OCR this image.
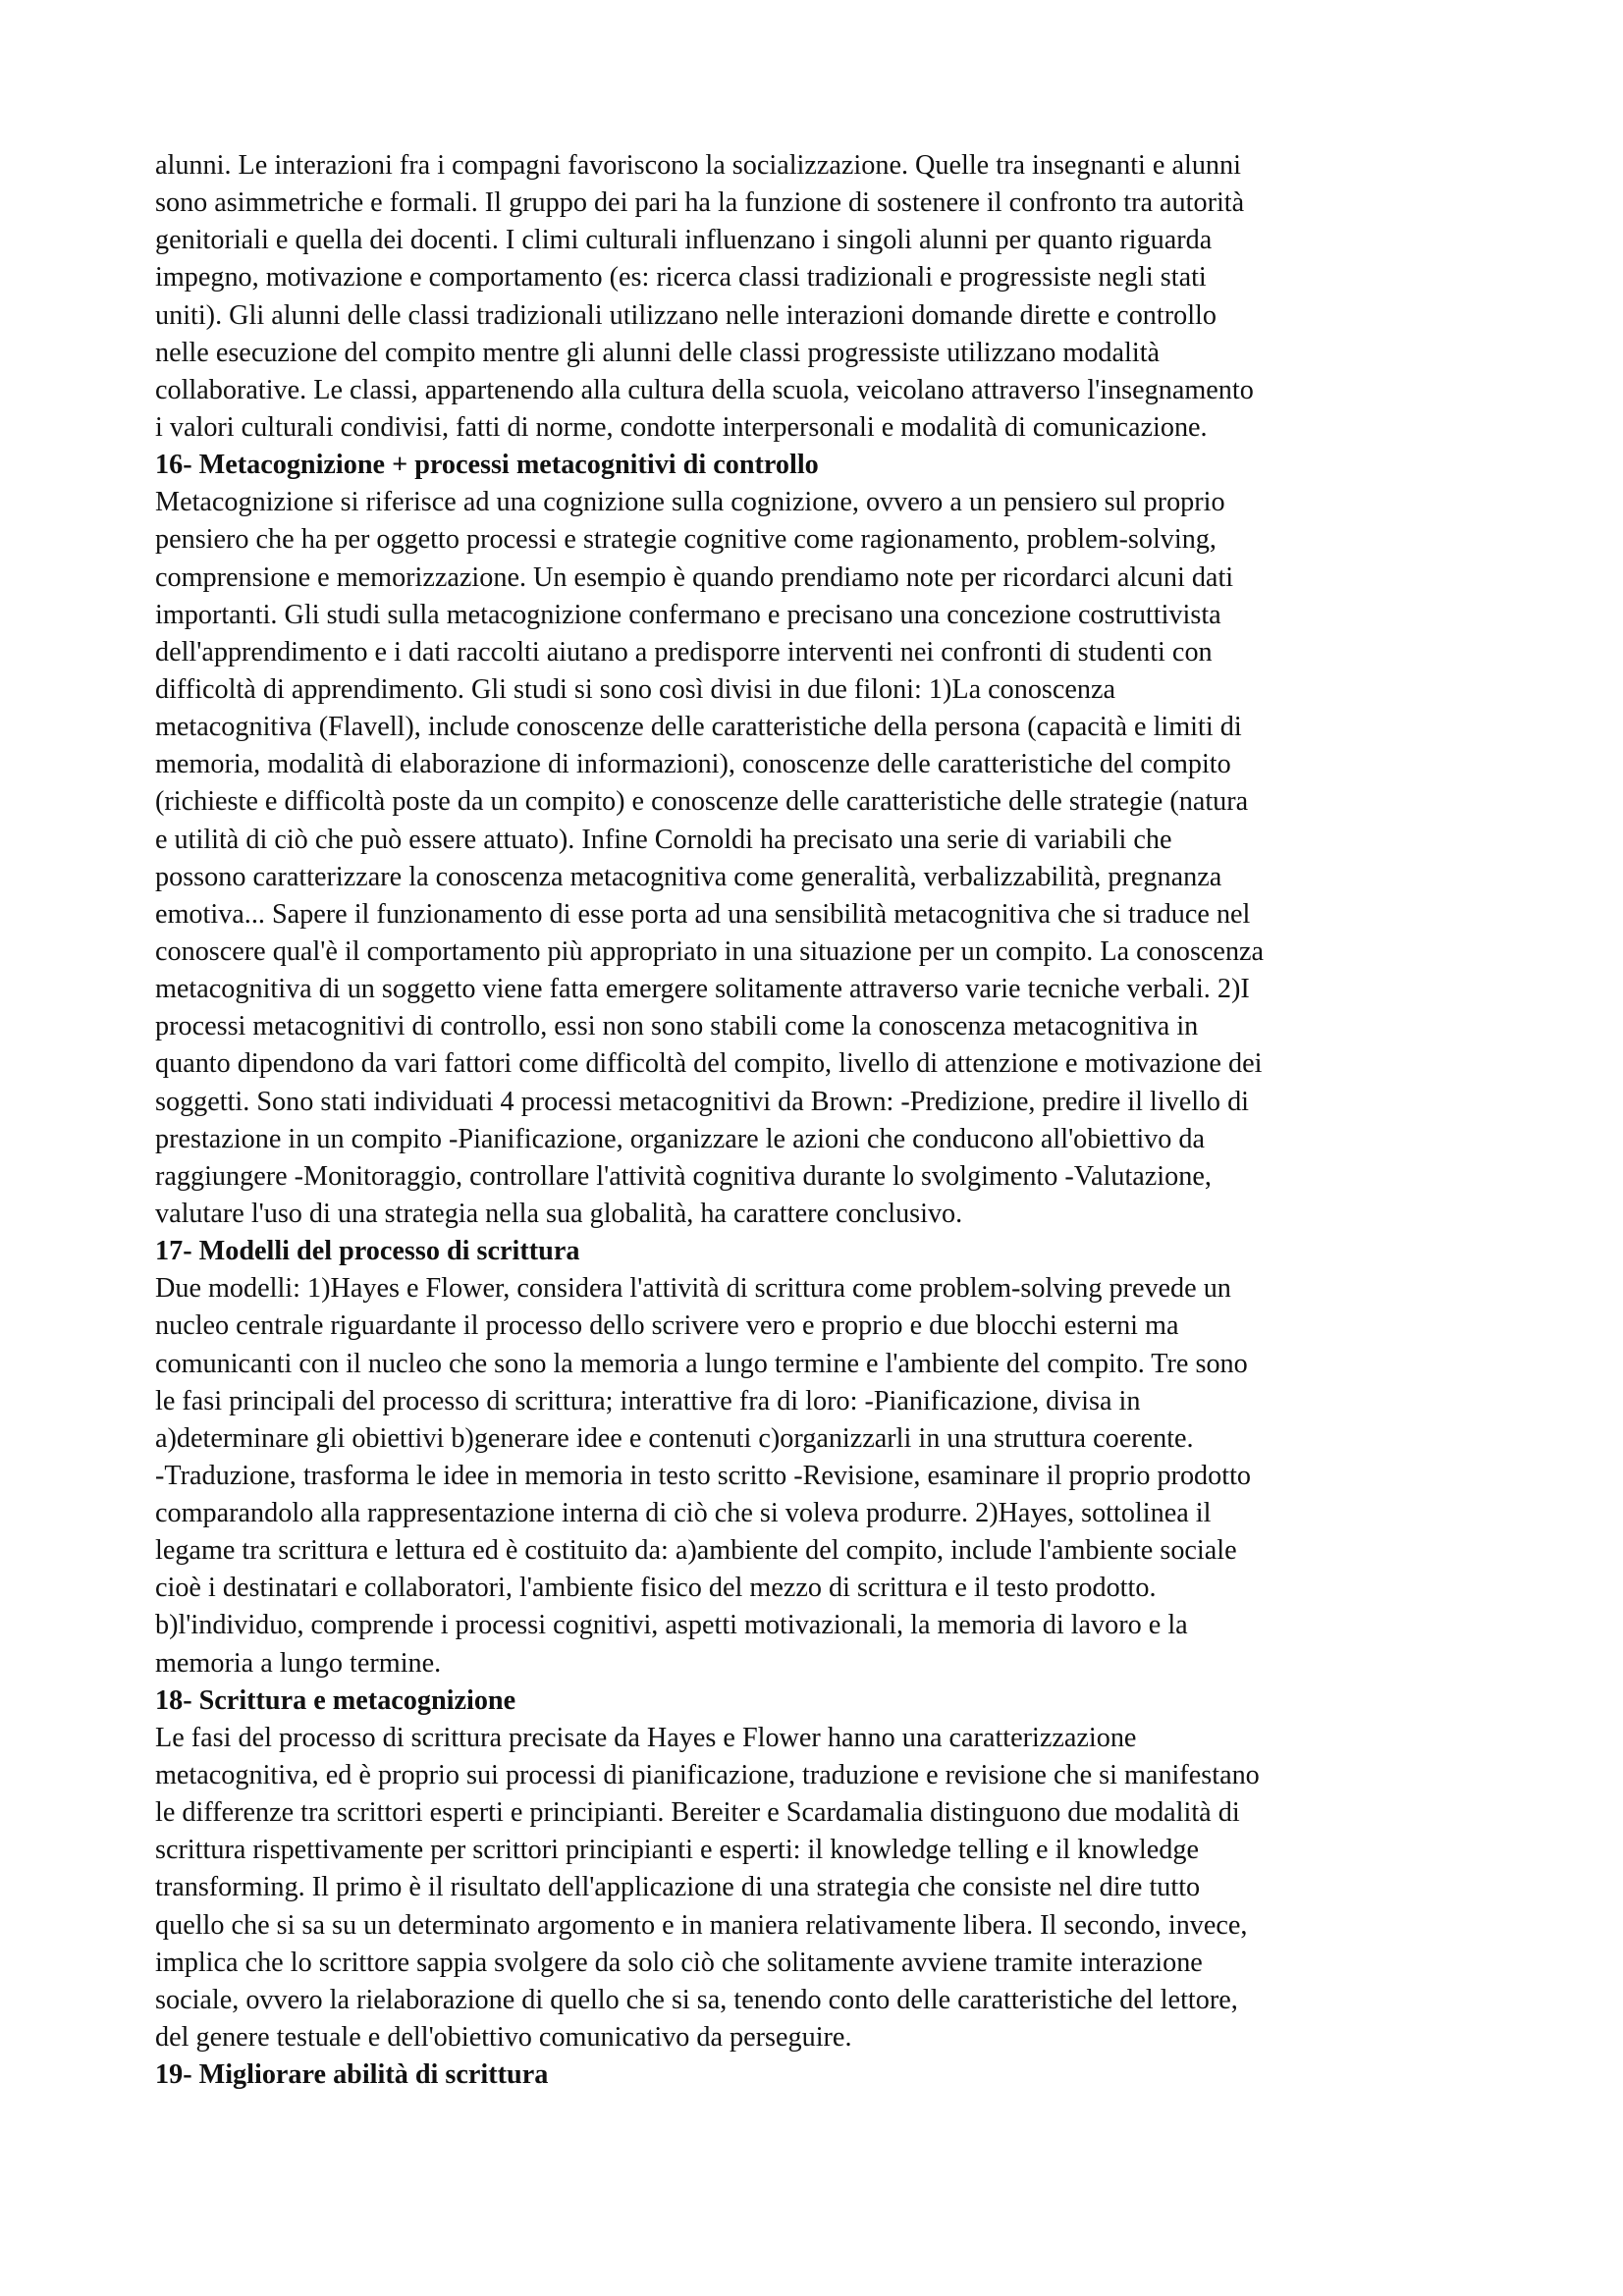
alunni. Le interazioni fra i compagni favoriscono la socializzazione. Quelle tra insegnanti e alunni
sono asimmetriche e formali. Il gruppo dei pari ha la funzione di sostenere il confronto tra autorità
genitoriali e quella dei docenti. I climi culturali influenzano i singoli alunni per quanto riguarda
impegno, motivazione e comportamento (es: ricerca classi tradizionali e progressiste negli stati
uniti). Gli alunni delle classi tradizionali utilizzano nelle interazioni domande dirette e controllo
nelle esecuzione del compito mentre gli alunni delle classi progressiste utilizzano modalità
collaborative. Le classi, appartenendo alla cultura della scuola, veicolano attraverso l'insegnamento
i valori culturali condivisi, fatti di norme, condotte interpersonali e modalità di comunicazione.
16- Metacognizione + processi metacognitivi di controllo
Metacognizione si riferisce ad una cognizione sulla cognizione, ovvero a un pensiero sul proprio
pensiero che ha per oggetto processi e strategie cognitive come ragionamento, problem-solving,
comprensione e memorizzazione. Un esempio è quando prendiamo note per ricordarci alcuni dati
importanti. Gli studi sulla metacognizione confermano e precisano una concezione costruttivista
dell'apprendimento e i dati raccolti aiutano a predisporre interventi nei confronti di studenti con
difficoltà di apprendimento. Gli studi si sono così divisi in due filoni: 1)La conoscenza
metacognitiva (Flavell), include conoscenze delle caratteristiche della persona (capacità e limiti di
memoria, modalità di elaborazione di informazioni), conoscenze delle caratteristiche del compito
(richieste e difficoltà poste da un compito) e conoscenze delle caratteristiche delle strategie (natura
e utilità di ciò che può essere attuato). Infine Cornoldi ha precisato una serie di variabili che
possono caratterizzare la conoscenza metacognitiva come generalità, verbalizzabilità, pregnanza
emotiva... Sapere il funzionamento di esse porta ad una sensibilità metacognitiva che si traduce nel
conoscere qual'è il comportamento più appropriato in una situazione per un compito. La conoscenza
metacognitiva di un soggetto viene fatta emergere solitamente attraverso varie tecniche verbali. 2)I
processi metacognitivi di controllo, essi non sono stabili come la conoscenza metacognitiva in
quanto dipendono da vari fattori come difficoltà del compito, livello di attenzione e motivazione dei
soggetti. Sono stati individuati 4 processi metacognitivi da Brown: -Predizione, predire il livello di
prestazione in un compito -Pianificazione, organizzare le azioni che conducono all'obiettivo da
raggiungere -Monitoraggio, controllare l'attività cognitiva durante lo svolgimento -Valutazione,
valutare l'uso di una strategia nella sua globalità, ha carattere conclusivo.
17- Modelli del processo di scrittura
Due modelli: 1)Hayes e Flower, considera l'attività di scrittura come problem-solving prevede un
nucleo centrale riguardante il processo dello scrivere vero e proprio e due blocchi esterni ma
comunicanti con il nucleo che sono la memoria a lungo termine e l'ambiente del compito. Tre sono
le fasi principali del processo di scrittura; interattive fra di loro: -Pianificazione, divisa in
a)determinare gli obiettivi b)generare idee e contenuti c)organizzarli in una struttura coerente.
-Traduzione, trasforma le idee in memoria in testo scritto -Revisione, esaminare il proprio prodotto
comparandolo alla rappresentazione interna di ciò che si voleva produrre. 2)Hayes, sottolinea il
legame tra scrittura e lettura ed è costituito da: a)ambiente del compito, include l'ambiente sociale
cioè i destinatari e collaboratori, l'ambiente fisico del mezzo di scrittura e il testo prodotto.
b)l'individuo, comprende i processi cognitivi, aspetti motivazionali, la memoria di lavoro e la
memoria a lungo termine.
18- Scrittura e metacognizione
Le fasi del processo di scrittura precisate da Hayes e Flower hanno una caratterizzazione
metacognitiva, ed è proprio sui processi di pianificazione, traduzione e revisione che si manifestano
le differenze tra scrittori esperti e principianti. Bereiter e Scardamalia distinguono due modalità di
scrittura rispettivamente per scrittori principianti e esperti: il knowledge telling e il knowledge
transforming. Il primo è il risultato dell'applicazione di una strategia che consiste nel dire tutto
quello che si sa su un determinato argomento e in maniera relativamente libera. Il secondo, invece,
implica che lo scrittore sappia svolgere da solo ciò che solitamente avviene tramite interazione
sociale, ovvero la rielaborazione di quello che si sa, tenendo conto delle caratteristiche del lettore,
del genere testuale e dell'obiettivo comunicativo da perseguire.
19- Migliorare abilità di scrittura
